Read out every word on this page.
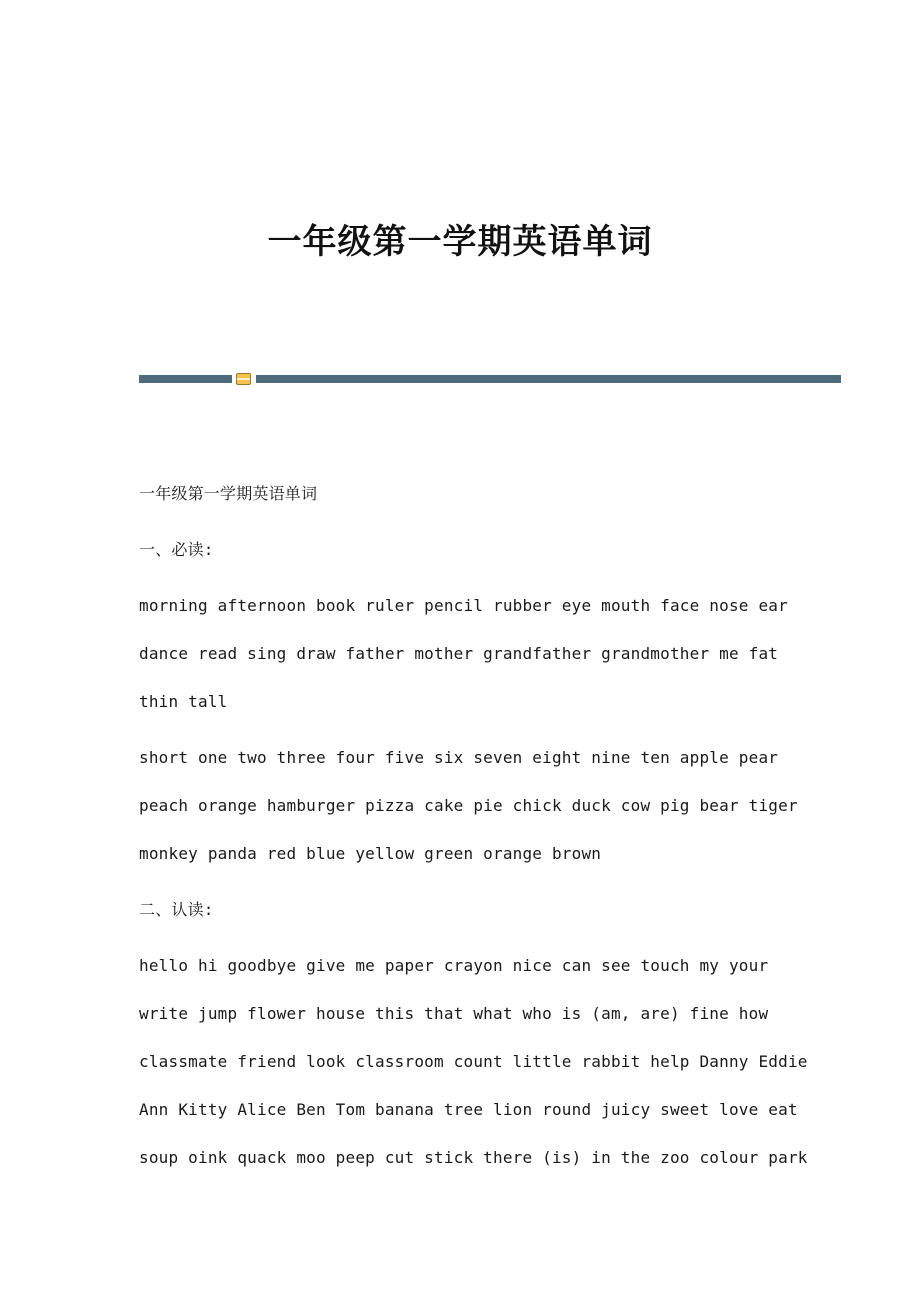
一年级第一学期英语单词
一年级第一学期英语单词
一、必读:
morning afternoon book ruler pencil rubber eye mouth face nose ear
dance read sing draw father mother grandfather grandmother me fat
thin tall
short one two three four five six seven eight nine ten apple pear
peach orange hamburger pizza cake pie chick duck cow pig bear tiger
monkey panda red blue yellow green orange brown
二、认读:
hello hi goodbye give me paper crayon nice can see touch my your
write jump flower house this that what who is (am, are) fine how
classmate friend look classroom count little rabbit help Danny Eddie
Ann Kitty Alice Ben Tom banana tree lion round juicy sweet love eat
soup oink quack moo peep cut stick there (is) in the zoo colour park
